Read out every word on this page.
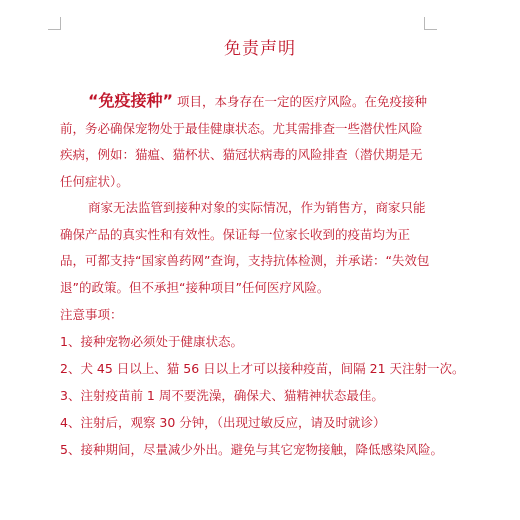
免责声明

“免疫接种” 项目，本身存在一定的医疗风险。在免疫接种前，务必确保宠物处于最佳健康状态。尤其需排查一些潜伏性风险疾病，例如：猫瘟、猫杯状、猫冠状病毒的风险排查（潜伏期是无任何症状）。

商家无法监管到接种对象的实际情况，作为销售方，商家只能确保产品的真实性和有效性。保证每一位家长收到的疫苗均为正品，可都支持“国家兽药网”查询，支持抗体检测，并承诺：“失效包退”的政策。但不承担“接种项目”任何医疗风险。

注意事项：
1、接种宠物必须处于健康状态。
2、犬 45 日以上、猫 56 日以上才可以接种疫苗，间隔 21 天注射一次。
3、注射疫苗前 1 周不要洗澡，确保犬、猫精神状态最佳。
4、注射后，观察 30 分钟，（出现过敏反应，请及时就诊）
5、接种期间，尽量减少外出。避免与其它宠物接触，降低感染风险。
